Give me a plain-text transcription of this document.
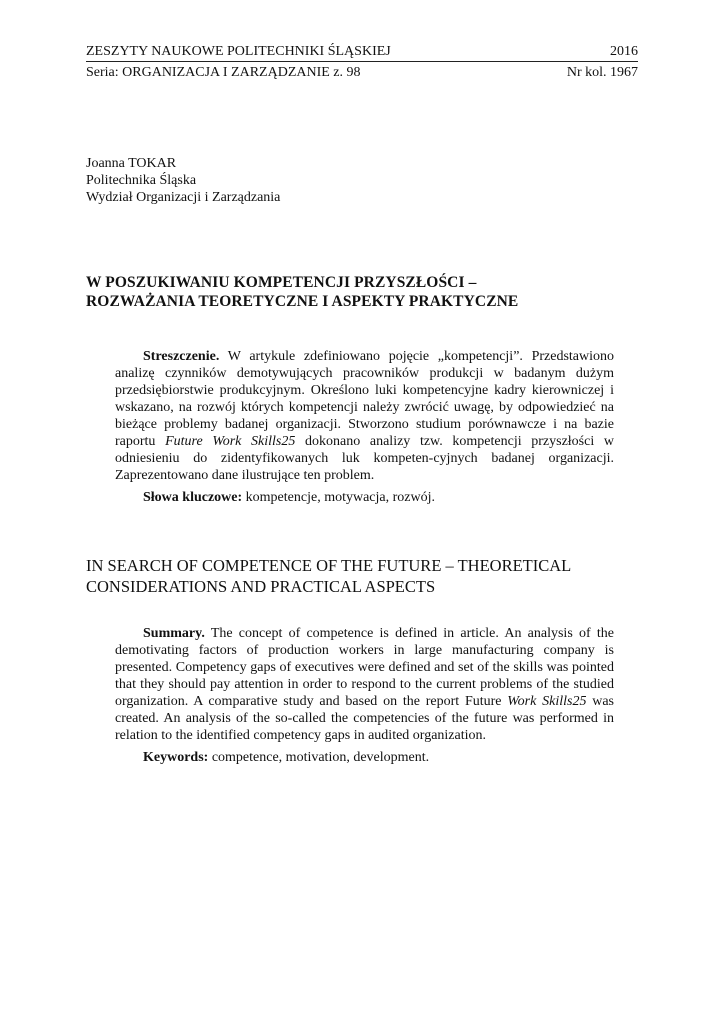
ZESZYTY NAUKOWE POLITECHNIKI ŚLĄSKIEJ	2016
Seria: ORGANIZACJA I ZARZĄDZANIE z. 98	Nr kol. 1967
Joanna TOKAR
Politechnika Śląska
Wydział Organizacji i Zarządzania
W POSZUKIWANIU KOMPETENCJI PRZYSZŁOŚCI –
ROZWAŻANIA TEORETYCZNE I ASPEKTY PRAKTYCZNE
Streszczenie. W artykule zdefiniowano pojęcie „kompetencji”. Przedstawiono analizę czynników demotywujących pracowników produkcji w badanym dużym przedsiębiorstwie produkcyjnym. Określono luki kompetencyjne kadry kierowniczej i wskazano, na rozwój których kompetencji należy zwrócić uwagę, by odpowiedzieć na bieżące problemy badanej organizacji. Stworzono studium porównawcze i na bazie raportu Future Work Skills25 dokonano analizy tzw. kompetencji przyszłości w odniesieniu do zidentyfikowanych luk kompeten-cyjnych badanej organizacji. Zaprezentowano dane ilustrujące ten problem.
Słowa kluczowe: kompetencje, motywacja, rozwój.
IN SEARCH OF COMPETENCE OF THE FUTURE – THEORETICAL
CONSIDERATIONS AND PRACTICAL ASPECTS
Summary. The concept of competence is defined in article. An analysis of the demotivating factors of production workers in large manufacturing company is presented. Competency gaps of executives were defined and set of the skills was pointed that they should pay attention in order to respond to the current problems of the studied organization. A comparative study and based on the report Future Work Skills25 was created. An analysis of the so-called the competencies of the future was performed in relation to the identified competency gaps in audited organization.
Keywords: competence, motivation, development.
